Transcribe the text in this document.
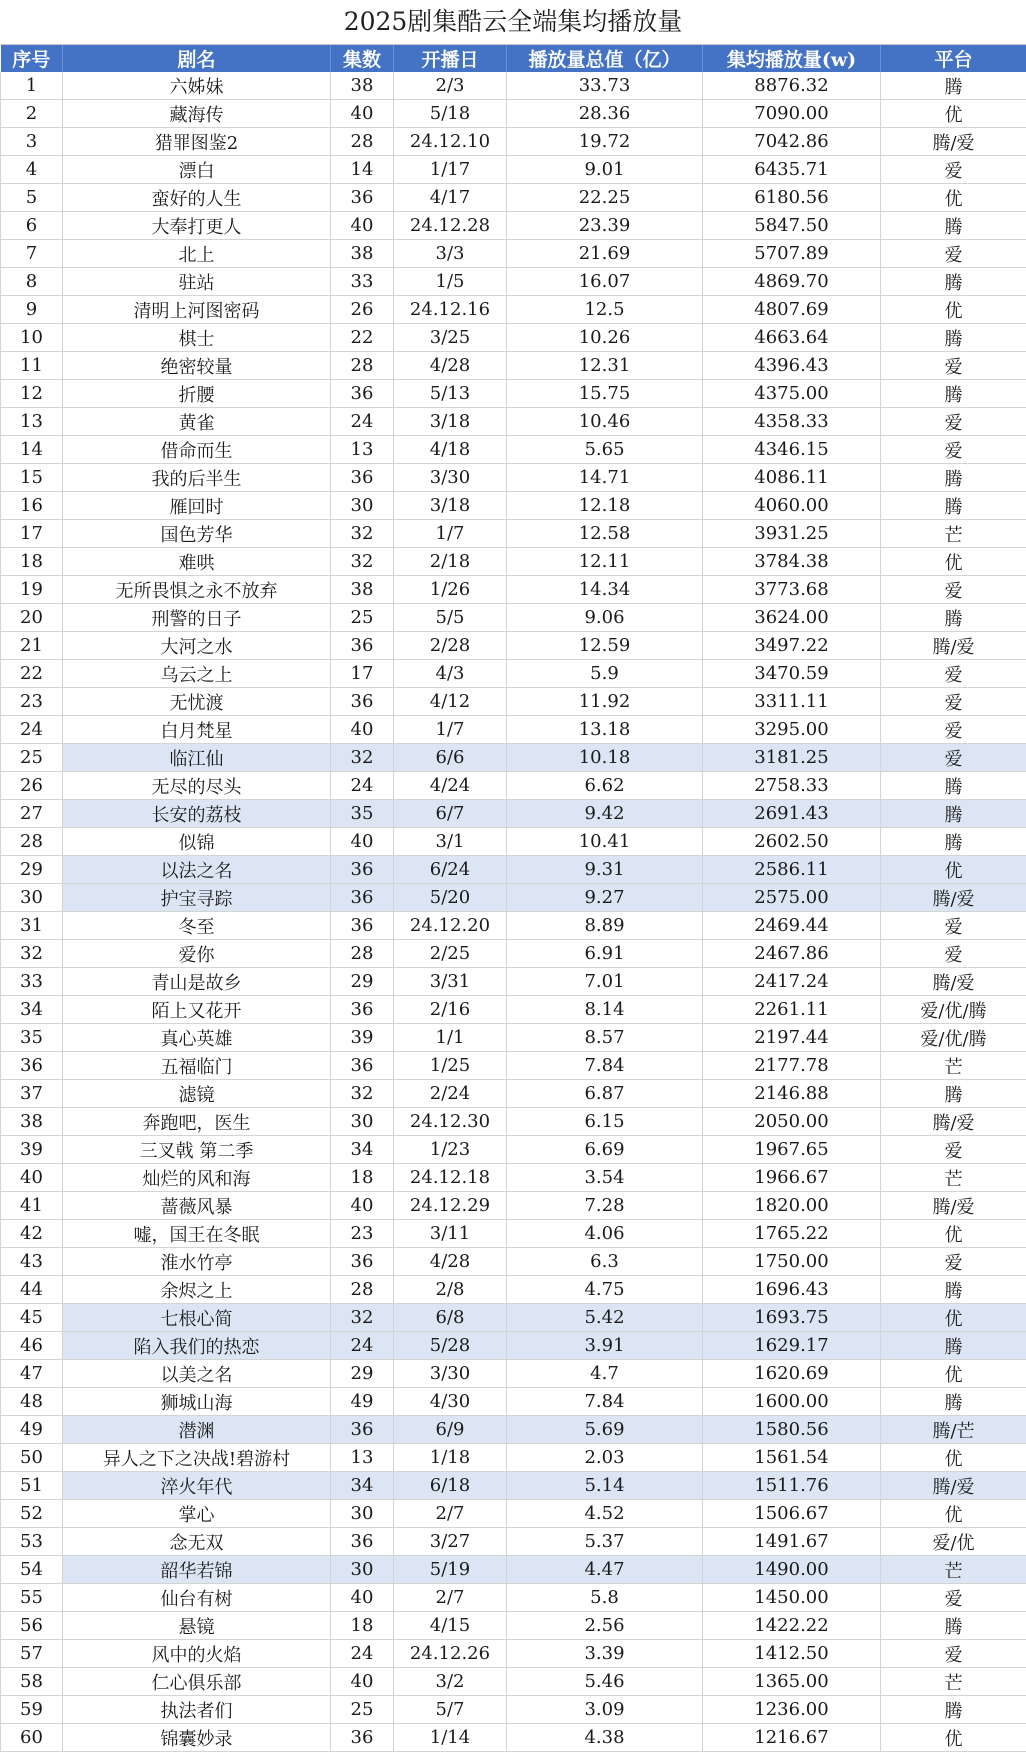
2025剧集酷云全端集均播放量
序号	剧名	集数	开播日	播放量总值（亿）	集均播放量(w)	平台
1	六姊妹	38	2/3	33.73	8876.32	腾
2	藏海传	40	5/18	28.36	7090.00	优
3	猎罪图鉴2	28	24.12.10	19.72	7042.86	腾/爱
4	漂白	14	1/17	9.01	6435.71	爱
5	蛮好的人生	36	4/17	22.25	6180.56	优
6	大奉打更人	40	24.12.28	23.39	5847.50	腾
7	北上	38	3/3	21.69	5707.89	爱
8	驻站	33	1/5	16.07	4869.70	腾
9	清明上河图密码	26	24.12.16	12.5	4807.69	优
10	棋士	22	3/25	10.26	4663.64	腾
11	绝密较量	28	4/28	12.31	4396.43	爱
12	折腰	36	5/13	15.75	4375.00	腾
13	黄雀	24	3/18	10.46	4358.33	爱
14	借命而生	13	4/18	5.65	4346.15	爱
15	我的后半生	36	3/30	14.71	4086.11	腾
16	雁回时	30	3/18	12.18	4060.00	腾
17	国色芳华	32	1/7	12.58	3931.25	芒
18	难哄	32	2/18	12.11	3784.38	优
19	无所畏惧之永不放弃	38	1/26	14.34	3773.68	爱
20	刑警的日子	25	5/5	9.06	3624.00	腾
21	大河之水	36	2/28	12.59	3497.22	腾/爱
22	乌云之上	17	4/3	5.9	3470.59	爱
23	无忧渡	36	4/12	11.92	3311.11	爱
24	白月梵星	40	1/7	13.18	3295.00	爱
25	临江仙	32	6/6	10.18	3181.25	爱
26	无尽的尽头	24	4/24	6.62	2758.33	腾
27	长安的荔枝	35	6/7	9.42	2691.43	腾
28	似锦	40	3/1	10.41	2602.50	腾
29	以法之名	36	6/24	9.31	2586.11	优
30	护宝寻踪	36	5/20	9.27	2575.00	腾/爱
31	冬至	36	24.12.20	8.89	2469.44	爱
32	爱你	28	2/25	6.91	2467.86	爱
33	青山是故乡	29	3/31	7.01	2417.24	腾/爱
34	陌上又花开	36	2/16	8.14	2261.11	爱/优/腾
35	真心英雄	39	1/1	8.57	2197.44	爱/优/腾
36	五福临门	36	1/25	7.84	2177.78	芒
37	滤镜	32	2/24	6.87	2146.88	腾
38	奔跑吧，医生	30	24.12.30	6.15	2050.00	腾/爱
39	三叉戟 第二季	34	1/23	6.69	1967.65	爱
40	灿烂的风和海	18	24.12.18	3.54	1966.67	芒
41	蔷薇风暴	40	24.12.29	7.28	1820.00	腾/爱
42	嘘，国王在冬眠	23	3/11	4.06	1765.22	优
43	淮水竹亭	36	4/28	6.3	1750.00	爱
44	余烬之上	28	2/8	4.75	1696.43	腾
45	七根心简	32	6/8	5.42	1693.75	优
46	陷入我们的热恋	24	5/28	3.91	1629.17	腾
47	以美之名	29	3/30	4.7	1620.69	优
48	狮城山海	49	4/30	7.84	1600.00	腾
49	潜渊	36	6/9	5.69	1580.56	腾/芒
50	异人之下之决战!碧游村	13	1/18	2.03	1561.54	优
51	淬火年代	34	6/18	5.14	1511.76	腾/爱
52	掌心	30	2/7	4.52	1506.67	优
53	念无双	36	3/27	5.37	1491.67	爱/优
54	韶华若锦	30	5/19	4.47	1490.00	芒
55	仙台有树	40	2/7	5.8	1450.00	爱
56	悬镜	18	4/15	2.56	1422.22	腾
57	风中的火焰	24	24.12.26	3.39	1412.50	爱
58	仁心俱乐部	40	3/2	5.46	1365.00	芒
59	执法者们	25	5/7	3.09	1236.00	腾
60	锦囊妙录	36	1/14	4.38	1216.67	优
